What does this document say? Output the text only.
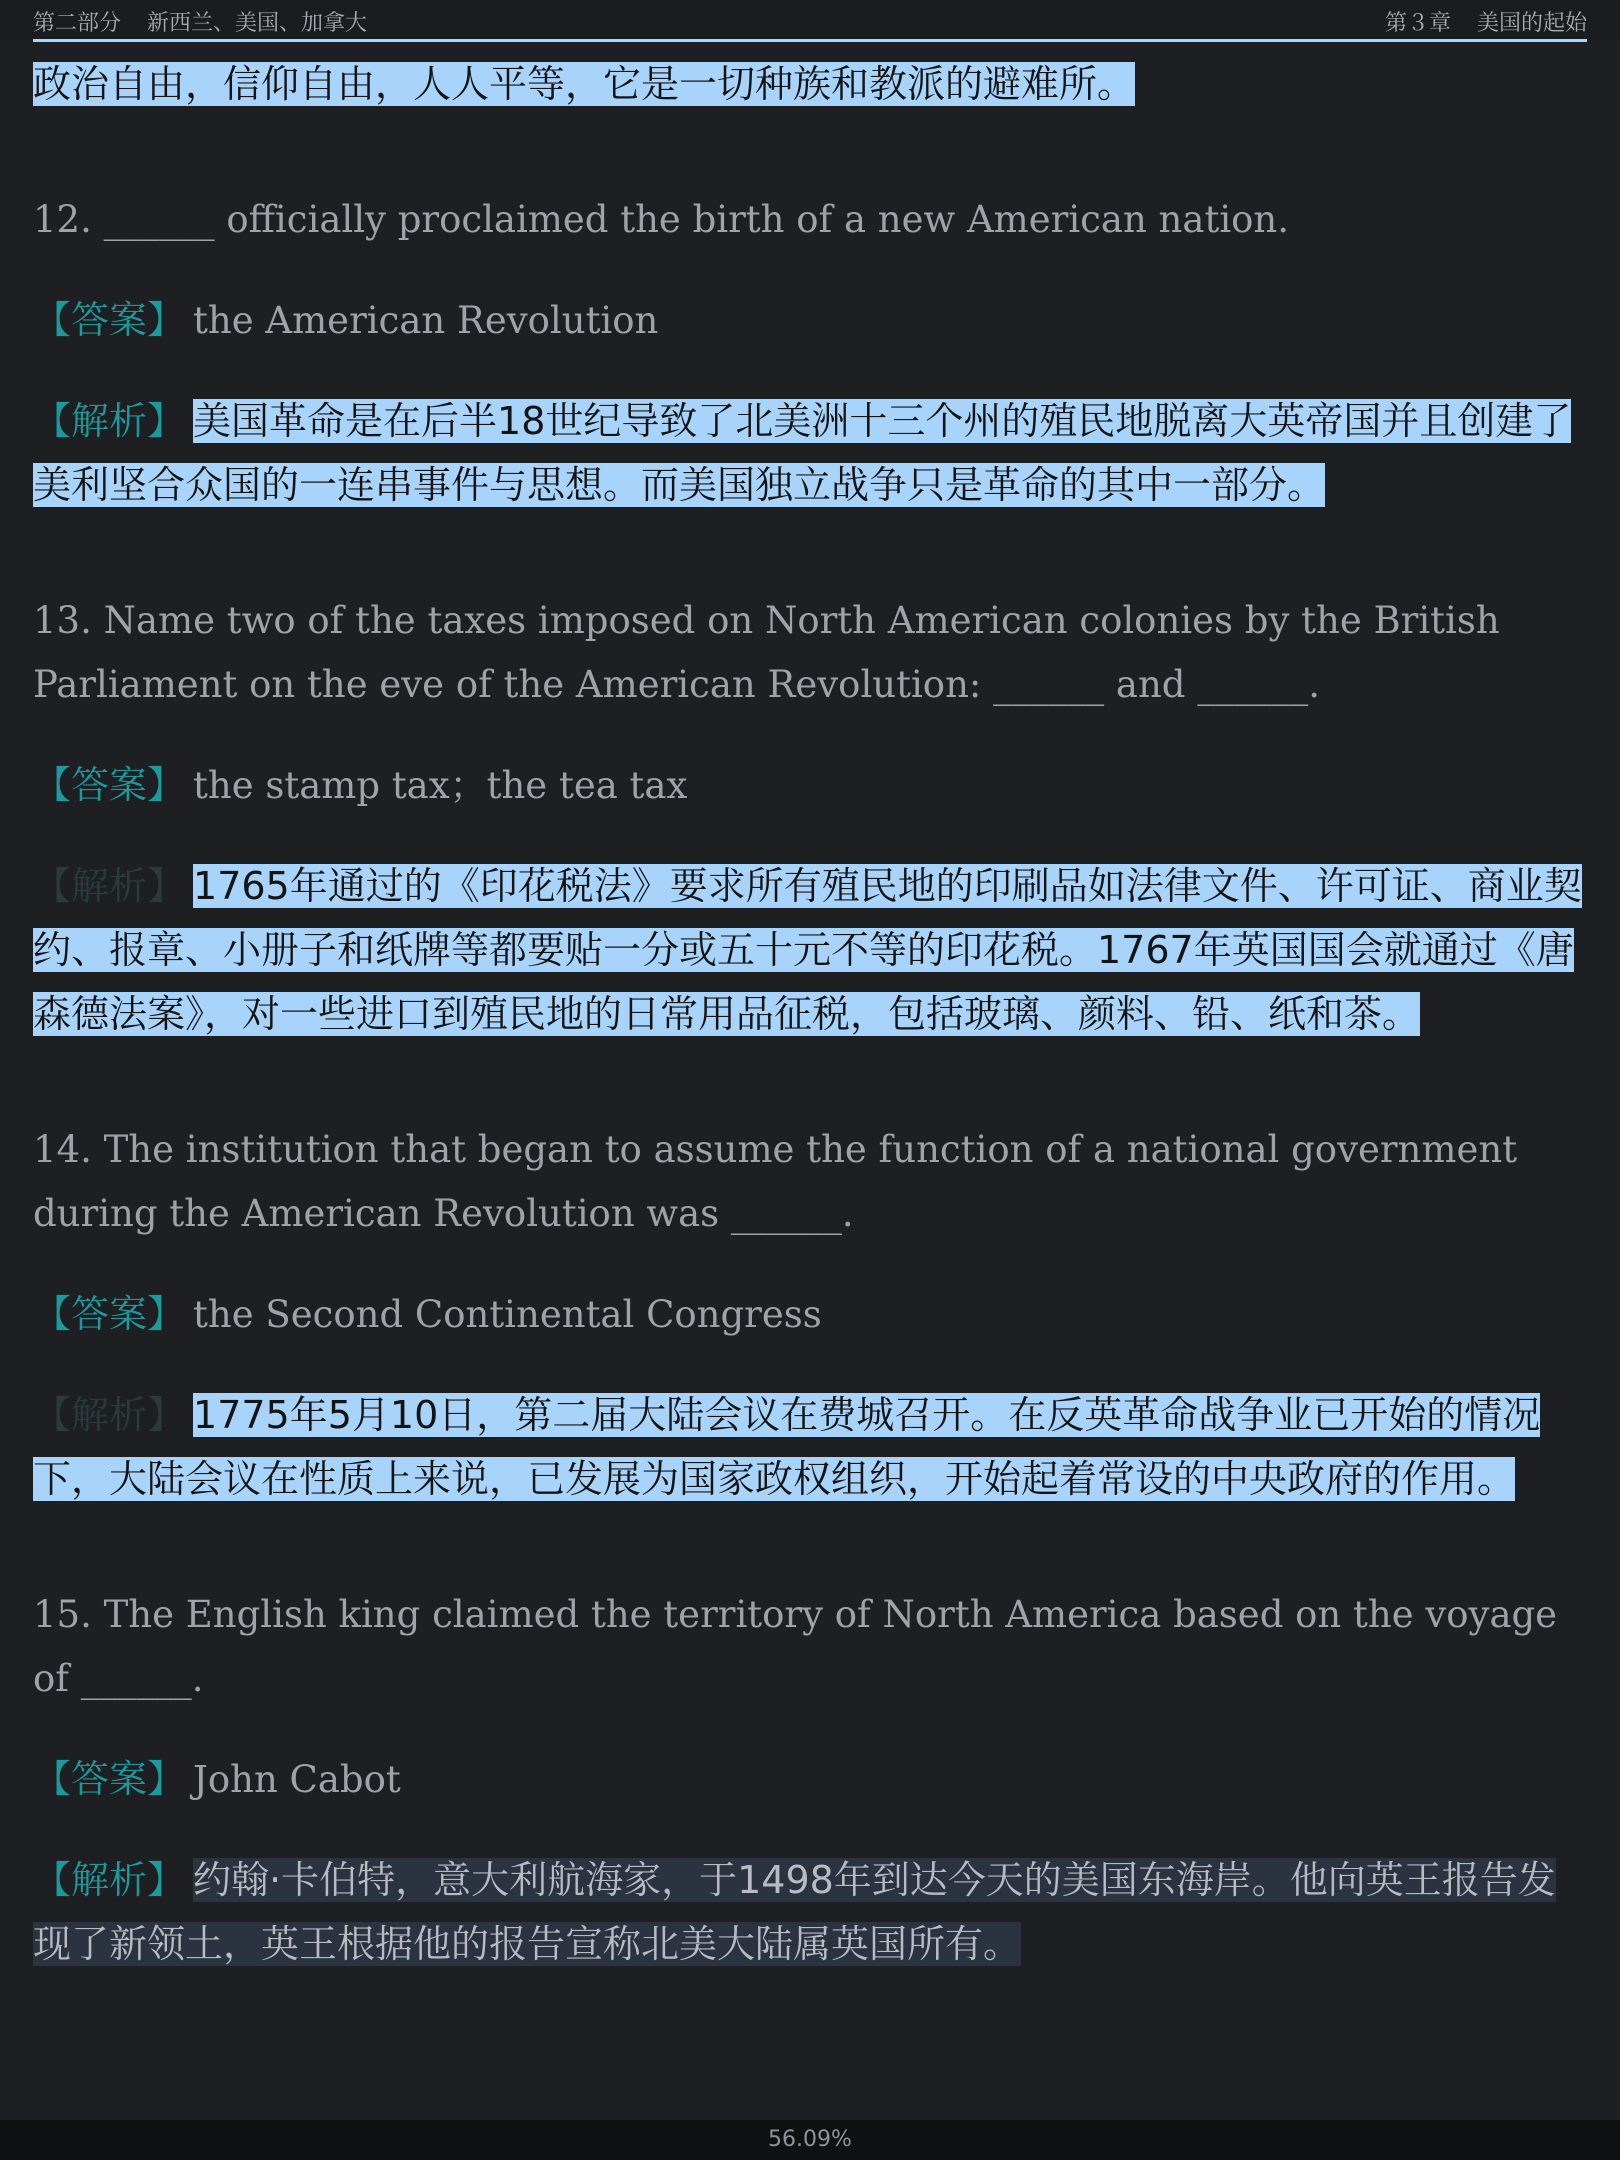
第二部分 新西兰、美国、加拿大	第３章 美国的起始

政治自由，信仰自由，人人平等，它是一切种族和教派的避难所。

12. ______ officially proclaimed the birth of a new American nation.

【答案】 the American Revolution

【解析】 美国革命是在后半18世纪导致了北美洲十三个州的殖民地脱离大英帝国并且创建了美利坚合众国的一连串事件与思想。而美国独立战争只是革命的其中一部分。

13. Name two of the taxes imposed on North American colonies by the British Parliament on the eve of the American Revolution: ______ and ______.

【答案】 the stamp tax；the tea tax

【解析】 1765年通过的《印花税法》要求所有殖民地的印刷品如法律文件、许可证、商业契约、报章、小册子和纸牌等都要贴一分或五十元不等的印花税。1767年英国国会就通过《唐森德法案》，对一些进口到殖民地的日常用品征税，包括玻璃、颜料、铅、纸和茶。

14. The institution that began to assume the function of a national government during the American Revolution was ______.

【答案】 the Second Continental Congress

【解析】 1775年5月10日，第二届大陆会议在费城召开。在反英革命战争业已开始的情况下，大陆会议在性质上来说，已发展为国家政权组织，开始起着常设的中央政府的作用。

15. The English king claimed the territory of North America based on the voyage of ______.

【答案】 John Cabot

【解析】 约翰·卡伯特，意大利航海家，于1498年到达今天的美国东海岸。他向英王报告发现了新领土，英王根据他的报告宣称北美大陆属英国所有。

56.09%
